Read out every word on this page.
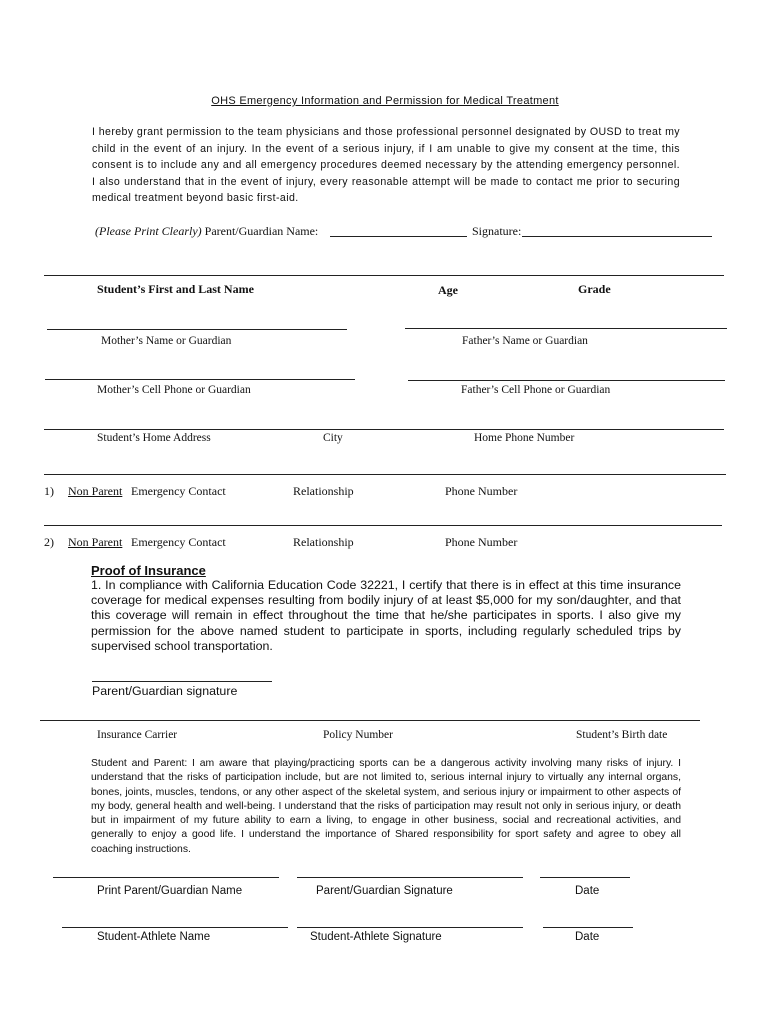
OHS Emergency Information and Permission for Medical Treatment
I hereby grant permission to the team physicians and those professional personnel designated by OUSD to treat my child in the event of an injury. In the event of a serious injury, if I am unable to give my consent at the time, this consent is to include any and all emergency procedures deemed necessary by the attending emergency personnel. I also understand that in the event of injury, every reasonable attempt will be made to contact me prior to securing medical treatment beyond basic first-aid.
(Please Print Clearly) Parent/Guardian Name:	Signature:
Student’s First and Last Name	Age	Grade
Mother’s Name or Guardian	Father’s Name or Guardian
Mother’s Cell Phone or Guardian	Father’s Cell Phone or Guardian
Student’s Home Address	City	Home Phone Number
1) Non Parent Emergency Contact	Relationship	Phone Number
2) Non Parent Emergency Contact	Relationship	Phone Number
Proof of Insurance
1. In compliance with California Education Code 32221, I certify that there is in effect at this time insurance coverage for medical expenses resulting from bodily injury of at least $5,000 for my son/daughter, and that this coverage will remain in effect throughout the time that he/she participates in sports. I also give my permission for the above named student to participate in sports, including regularly scheduled trips by supervised school transportation.
Parent/Guardian signature
Insurance Carrier	Policy Number	Student’s Birth date
Student and Parent: I am aware that playing/practicing sports can be a dangerous activity involving many risks of injury. I understand that the risks of participation include, but are not limited to, serious internal injury to virtually any internal organs, bones, joints, muscles, tendons, or any other aspect of the skeletal system, and serious injury or impairment to other aspects of my body, general health and well-being. I understand that the risks of participation may result not only in serious injury, or death but in impairment of my future ability to earn a living, to engage in other business, social and recreational activities, and generally to enjoy a good life. I understand the importance of Shared responsibility for sport safety and agree to obey all coaching instructions.
Print Parent/Guardian Name	Parent/Guardian Signature	Date
Student-Athlete Name	Student-Athlete Signature	Date
